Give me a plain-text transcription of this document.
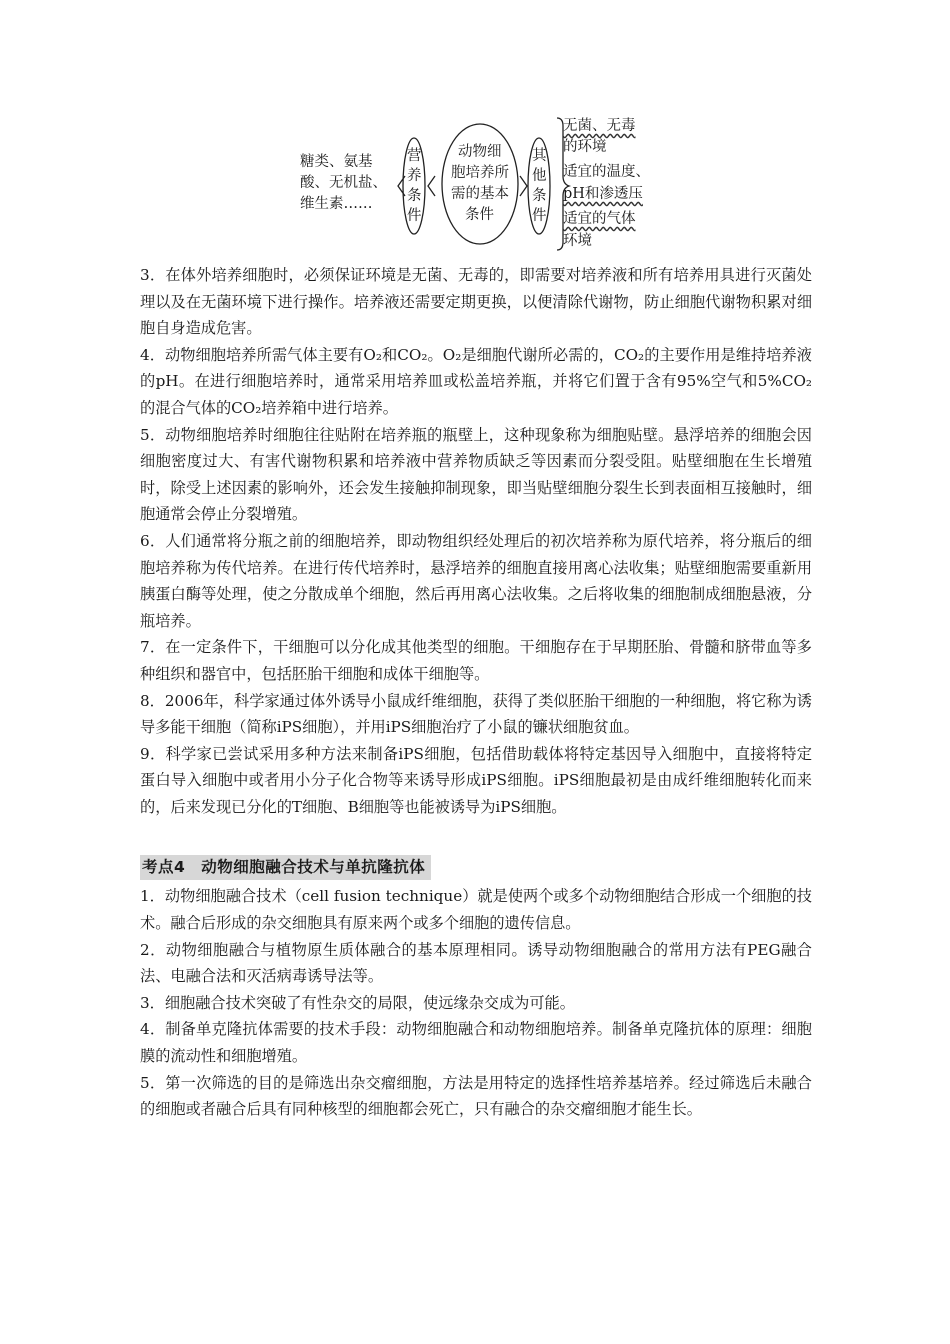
糖类、氨基
酸、无机盐、
维生素……
营
养
条
件
动物细
胞培养所
需的基本
条件
其
他
条
件
无菌、无毒
的环境
适宜的温度、
pH和渗透压
适宜的气体
环境

3．在体外培养细胞时，必须保证环境是无菌、无毒的，即需要对培养液和所有培养用具进行灭菌处理以及在无菌环境下进行操作。培养液还需要定期更换，以便清除代谢物，防止细胞代谢物积累对细胞自身造成危害。

4．动物细胞培养所需气体主要有O₂和CO₂。O₂是细胞代谢所必需的，CO₂的主要作用是维持培养液的pH。在进行细胞培养时，通常采用培养皿或松盖培养瓶，并将它们置于含有95%空气和5%CO₂的混合气体的CO₂培养箱中进行培养。

5．动物细胞培养时细胞往往贴附在培养瓶的瓶壁上，这种现象称为细胞贴壁。悬浮培养的细胞会因细胞密度过大、有害代谢物积累和培养液中营养物质缺乏等因素而分裂受阻。贴壁细胞在生长增殖时，除受上述因素的影响外，还会发生接触抑制现象，即当贴壁细胞分裂生长到表面相互接触时，细胞通常会停止分裂增殖。

6．人们通常将分瓶之前的细胞培养，即动物组织经处理后的初次培养称为原代培养，将分瓶后的细胞培养称为传代培养。在进行传代培养时，悬浮培养的细胞直接用离心法收集；贴壁细胞需要重新用胰蛋白酶等处理，使之分散成单个细胞，然后再用离心法收集。之后将收集的细胞制成细胞悬液，分瓶培养。

7．在一定条件下，干细胞可以分化成其他类型的细胞。干细胞存在于早期胚胎、骨髓和脐带血等多种组织和器官中，包括胚胎干细胞和成体干细胞等。

8．2006年，科学家通过体外诱导小鼠成纤维细胞，获得了类似胚胎干细胞的一种细胞，将它称为诱导多能干细胞（简称iPS细胞），并用iPS细胞治疗了小鼠的镰状细胞贫血。

9．科学家已尝试采用多种方法来制备iPS细胞，包括借助载体将特定基因导入细胞中，直接将特定蛋白导入细胞中或者用小分子化合物等来诱导形成iPS细胞。iPS细胞最初是由成纤维细胞转化而来的，后来发现已分化的T细胞、B细胞等也能被诱导为iPS细胞。

考点4　动物细胞融合技术与单抗隆抗体

1．动物细胞融合技术（cell fusion technique）就是使两个或多个动物细胞结合形成一个细胞的技术。融合后形成的杂交细胞具有原来两个或多个细胞的遗传信息。

2．动物细胞融合与植物原生质体融合的基本原理相同。诱导动物细胞融合的常用方法有PEG融合法、电融合法和灭活病毒诱导法等。

3．细胞融合技术突破了有性杂交的局限，使远缘杂交成为可能。

4．制备单克隆抗体需要的技术手段：动物细胞融合和动物细胞培养。制备单克隆抗体的原理：细胞膜的流动性和细胞增殖。

5．第一次筛选的目的是筛选出杂交瘤细胞，方法是用特定的选择性培养基培养。经过筛选后未融合的细胞或者融合后具有同种核型的细胞都会死亡，只有融合的杂交瘤细胞才能生长。
